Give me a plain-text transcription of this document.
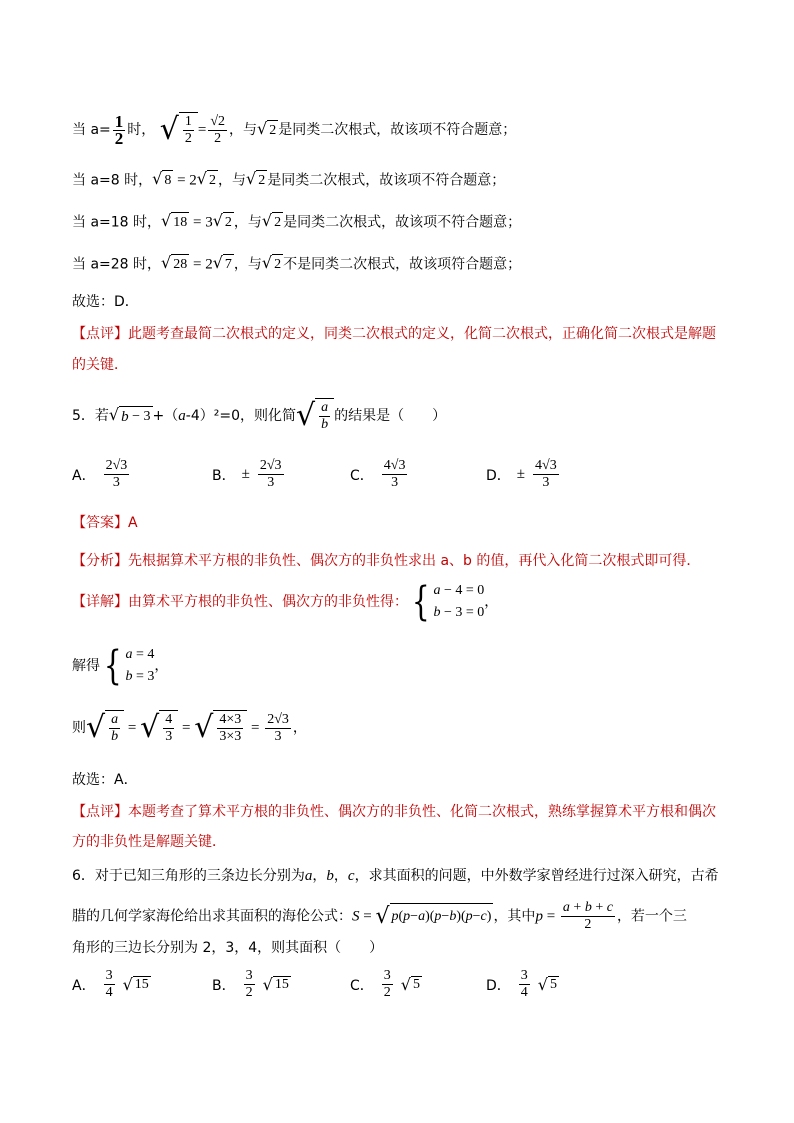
当 $a= \frac{1}{2}$ 时， √ $\frac{1}{2} = \frac{√2}{2}$ ，与 √ 2 是同类二次根式，故该项不符合题意；
当 a=8 时， √ 8 = 2 √ 2 ，与 √ 2 是同类二次根式，故该项不符合题意；
当 a=18 时， √ 18 = 3 √ 2 ，与 √ 2 是同类二次根式，故该项不符合题意；
当 a=28 时， √ 28 = 2 √ 7 ，与 √ 2 不是同类二次根式，故该项符合题意；
故选：D．
【点评】此题考查最简二次根式的定义，同类二次根式的定义，化简二次根式，正确化简二次根式是解题
的关键．
5．若 √ b − 3 +（a-4）²=0，则化简 √ $\frac{a}{b}$ 的结果是（　　）
A． $\frac{2√3}{3}$	B． ± $\frac{2√3}{3}$	C． $\frac{4√3}{3}$	D． ± $\frac{4√3}{3}$
【答案】A
【分析】先根据算术平方根的非负性、偶次方的非负性求出 a、b 的值，再代入化简二次根式即可得．
【详解】由算术平方根的非负性、偶次方的非负性得： { a − 4 = 0
b − 3 = 0
，
解得 { a = 4
b = 3
，
则 √ $\frac{a}{b}$ = √ $\frac{4}{3}$ = √ $\frac{4\times 3}{3\times 3} = \frac{2√3}{3}$ ，
故选：A．
【点评】本题考查了算术平方根的非负性、偶次方的非负性、化简二次根式，熟练掌握算术平方根和偶次
方的非负性是解题关键．
6．对于已知三角形的三条边长分别为a，b，c，求其面积的问题，中外数学家曾经进行过深入研究，古希
腊的几何学家海伦给出求其面积的海伦公式：S = √ p ( p − a )( p − b )( p − c ) ，其中$p = \frac{a + b + c}{2}$ ，若一个三
角形的三边长分别为 2，3，4，则其面积（　　）
A． $\frac{3}{4}$ √ 15	B． $\frac{3}{2}$ √ 15	C． $\frac{3}{2}$ √ 5	D． $\frac{3}{4}$ √ 5
